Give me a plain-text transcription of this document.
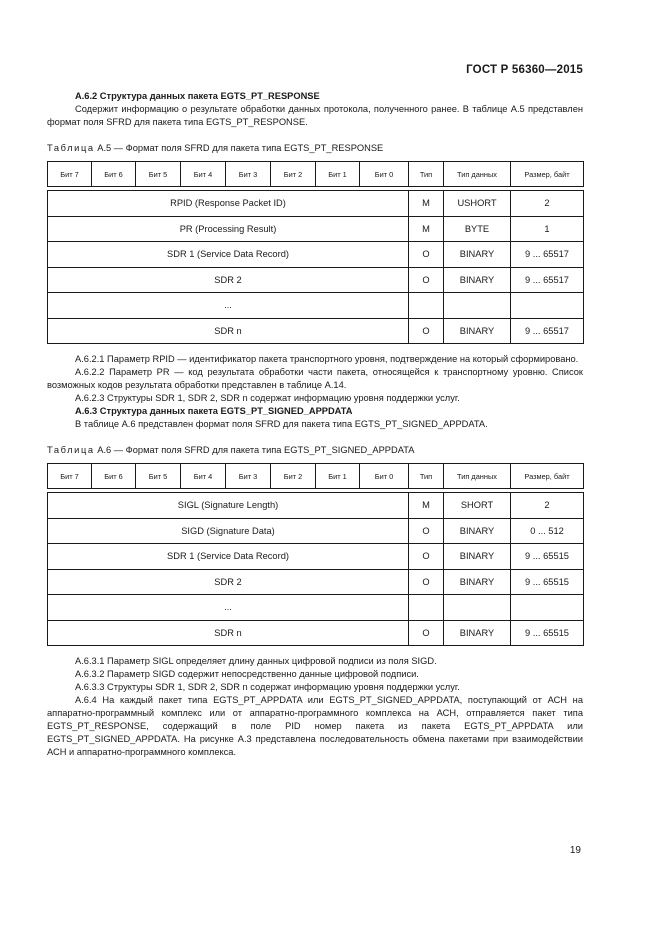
ГОСТ Р 56360—2015

А.6.2 Структура данных пакета EGTS_PT_RESPONSE

Содержит информацию о результате обработки данных протокола, полученного ранее. В таблице А.5 представлен формат поля SFRD для пакета типа EGTS_PT_RESPONSE.

Таблица А.5 — Формат поля SFRD для пакета типа EGTS_PT_RESPONSE

Бит 7	Бит 6	Бит 5	Бит 4	Бит 3	Бит 2	Бит 1	Бит 0	Тип	Тип данных	Размер, байт

RPID (Response Packet ID)								M	USHORT	2
PR (Processing Result)								M	BYTE	1
SDR 1 (Service Data Record)								O	BINARY	9 ... 65517
SDR 2								O	BINARY	9 ... 65517
...										
SDR n								O	BINARY	9 ... 65517

А.6.2.1 Параметр RPID — идентификатор пакета транспортного уровня, подтверждение на который сформировано.

А.6.2.2 Параметр PR — код результата обработки части пакета, относящейся к транспортному уровню. Список возможных кодов результата обработки представлен в таблице А.14.

А.6.2.3 Структуры SDR 1, SDR 2, SDR n содержат информацию уровня поддержки услуг.

А.6.3 Структура данных пакета EGTS_PT_SIGNED_APPDATA

В таблице А.6 представлен формат поля SFRD для пакета типа EGTS_PT_SIGNED_APPDATA.

Таблица А.6 — Формат поля SFRD для пакета типа EGTS_PT_SIGNED_APPDATA

Бит 7	Бит 6	Бит 5	Бит 4	Бит 3	Бит 2	Бит 1	Бит 0	Тип	Тип данных	Размер, байт

SIGL (Signature Length)								M	SHORT	2
SIGD (Signature Data)								O	BINARY	0 ... 512
SDR 1 (Service Data Record)								O	BINARY	9 ... 65515
SDR 2								O	BINARY	9 ... 65515
...										
SDR n								O	BINARY	9 ... 65515

А.6.3.1 Параметр SIGL определяет длину данных цифровой подписи из поля SIGD.

А.6.3.2 Параметр SIGD содержит непосредственно данные цифровой подписи.

А.6.3.3 Структуры SDR 1, SDR 2, SDR n содержат информацию уровня поддержки услуг.

А.6.4 На каждый пакет типа EGTS_PT_APPDATA или EGTS_PT_SIGNED_APPDATA, поступающий от АСН на аппаратно-программный комплекс или от аппаратно-программного комплекса на АСН, отправляется пакет типа EGTS_PT_RESPONSE, содержащий в поле PID номер пакета из пакета EGTS_PT_APPDATA или EGTS_PT_SIGNED_APPDATA. На рисунке А.3 представлена последовательность обмена пакетами при взаимодействии АСН и аппаратно-программного комплекса.

19
